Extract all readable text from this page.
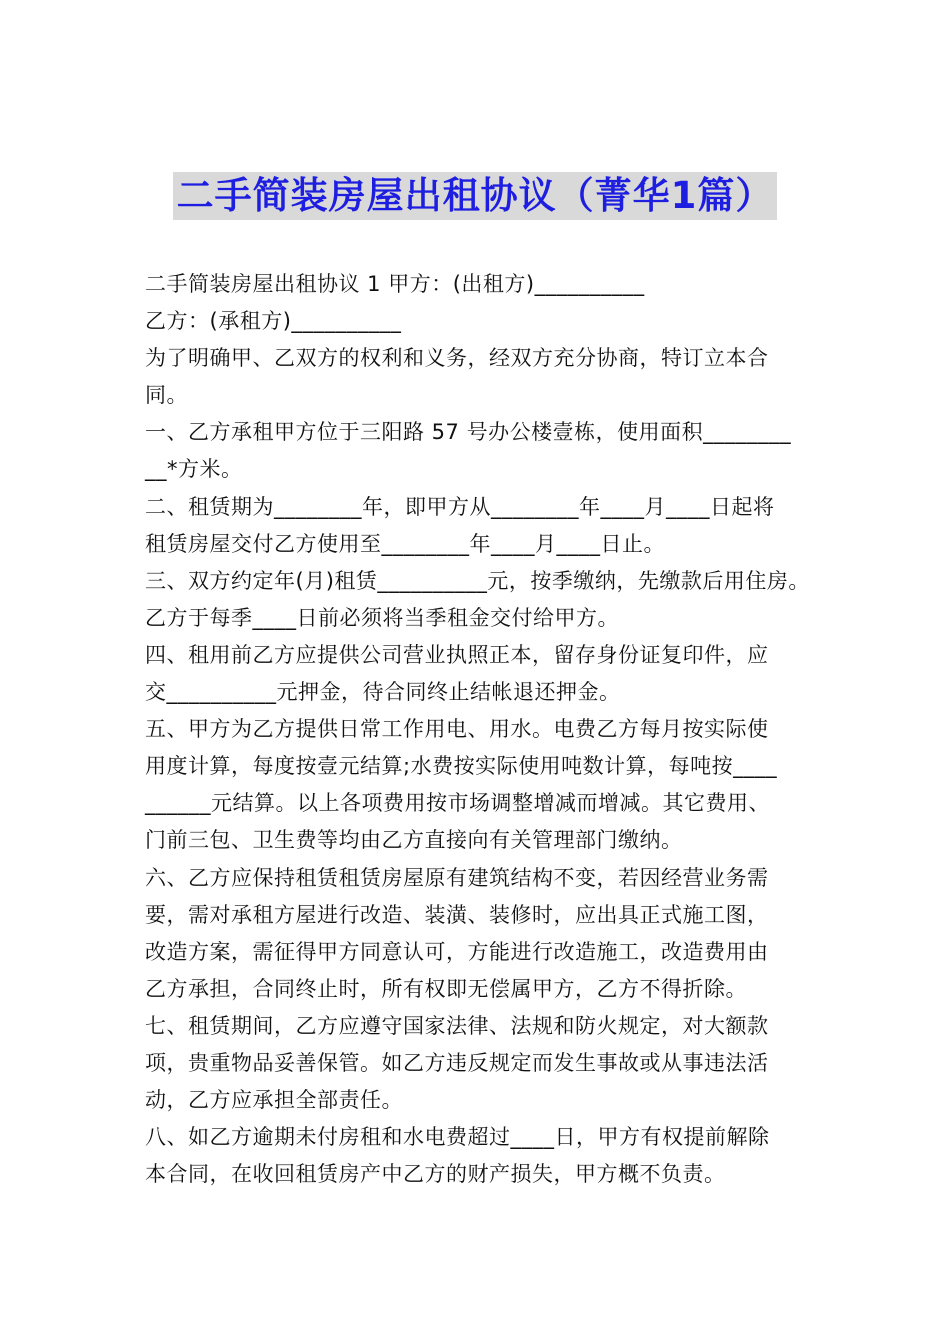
二手简装房屋出租协议（菁华1篇）
二手简装房屋出租协议 1 甲方：(出租方)__________
乙方：(承租方)__________
为了明确甲、乙双方的权利和义务，经双方充分协商，特订立本合
同。
一、乙方承租甲方位于三阳路 57 号办公楼壹栋，使用面积________
__*方米。
二、租赁期为________年，即甲方从________年____月____日起将
租赁房屋交付乙方使用至________年____月____日止。
三、双方约定年(月)租赁__________元，按季缴纳，先缴款后用住房。
乙方于每季____日前必须将当季租金交付给甲方。
四、租用前乙方应提供公司营业执照正本，留存身份证复印件，应
交__________元押金，待合同终止结帐退还押金。
五、甲方为乙方提供日常工作用电、用水。电费乙方每月按实际使
用度计算，每度按壹元结算;水费按实际使用吨数计算，每吨按____
______元结算。以上各项费用按市场调整增减而增减。其它费用、
门前三包、卫生费等均由乙方直接向有关管理部门缴纳。
六、乙方应保持租赁租赁房屋原有建筑结构不变，若因经营业务需
要，需对承租方屋进行改造、装潢、装修时，应出具正式施工图，
改造方案，需征得甲方同意认可，方能进行改造施工，改造费用由
乙方承担，合同终止时，所有权即无偿属甲方，乙方不得折除。
七、租赁期间，乙方应遵守国家法律、法规和防火规定，对大额款
项，贵重物品妥善保管。如乙方违反规定而发生事故或从事违法活
动，乙方应承担全部责任。
八、如乙方逾期未付房租和水电费超过____日，甲方有权提前解除
本合同，在收回租赁房产中乙方的财产损失，甲方概不负责。
